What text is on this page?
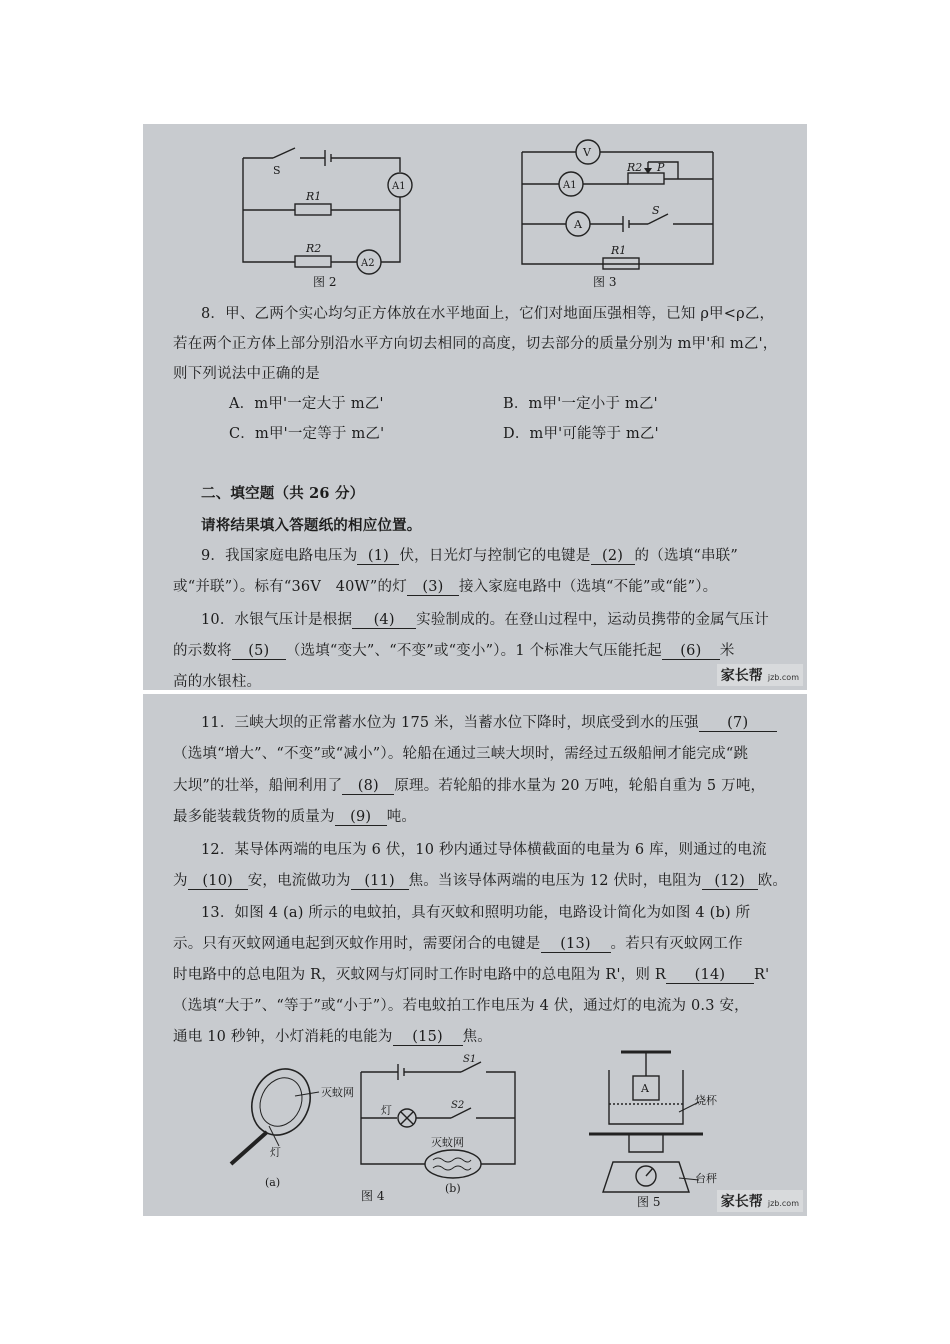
S
A1
R1
R2
A2
图 2
V
A1
R2 P
A
S
R1
图 3
8．甲、乙两个实心均匀正方体放在水平地面上，它们对地面压强相等，已知 ρ甲<ρ乙，
若在两个正方体上部分别沿水平方向切去相同的高度，切去部分的质量分别为 m甲'和 m乙'，
则下列说法中正确的是
A．m甲'一定大于 m乙'	B．m甲'一定小于 m乙'
C．m甲'一定等于 m乙'	D．m甲'可能等于 m乙'
二、填空题（共 26 分）
请将结果填入答题纸的相应位置。
9．我国家庭电路电压为 (1) 伏，日光灯与控制它的电键是 (2) 的（选填“串联”
或“并联”）。标有“36V　40W”的灯 (3) 接入家庭电路中（选填“不能”或“能”）。
10．水银气压计是根据 (4) 实验制成的。在登山过程中，运动员携带的金属气压计
的示数将 (5) （选填“变大”、“不变”或“变小”）。1 个标准大气压能托起 (6) 米
高的水银柱。	家长帮 jzb.com
11．三峡大坝的正常蓄水位为 175 米，当蓄水位下降时，坝底受到水的压强 (7)
（选填“增大”、“不变”或“减小”）。轮船在通过三峡大坝时，需经过五级船闸才能完成“跳
大坝”的壮举，船闸利用了 (8) 原理。若轮船的排水量为 20 万吨，轮船自重为 5 万吨，
最多能装载货物的质量为 (9) 吨。
12．某导体两端的电压为 6 伏，10 秒内通过导体横截面的电量为 6 库，则通过的电流
为 (10) 安，电流做功为 (11) 焦。当该导体两端的电压为 12 伏时，电阻为 (12) 欧。
13．如图 4 (a) 所示的电蚊拍，具有灭蚊和照明功能，电路设计简化为如图 4 (b) 所
示。只有灭蚊网通电起到灭蚊作用时，需要闭合的电键是 (13) 。若只有灭蚊网工作
时电路中的总电阻为 R，灭蚊网与灯同时工作时电路中的总电阻为 R'，则 R (14) R'
（选填“大于”、“等于”或“小于”）。若电蚊拍工作电压为 4 伏，通过灯的电流为 0.3 安，
通电 10 秒钟，小灯消耗的电能为 (15) 焦。
灭蚊网
灯
(a)
S1
S2
灯
灭蚊网
(b)
图 4
A
烧杯
台秤
图 5	家长帮 jzb.com
